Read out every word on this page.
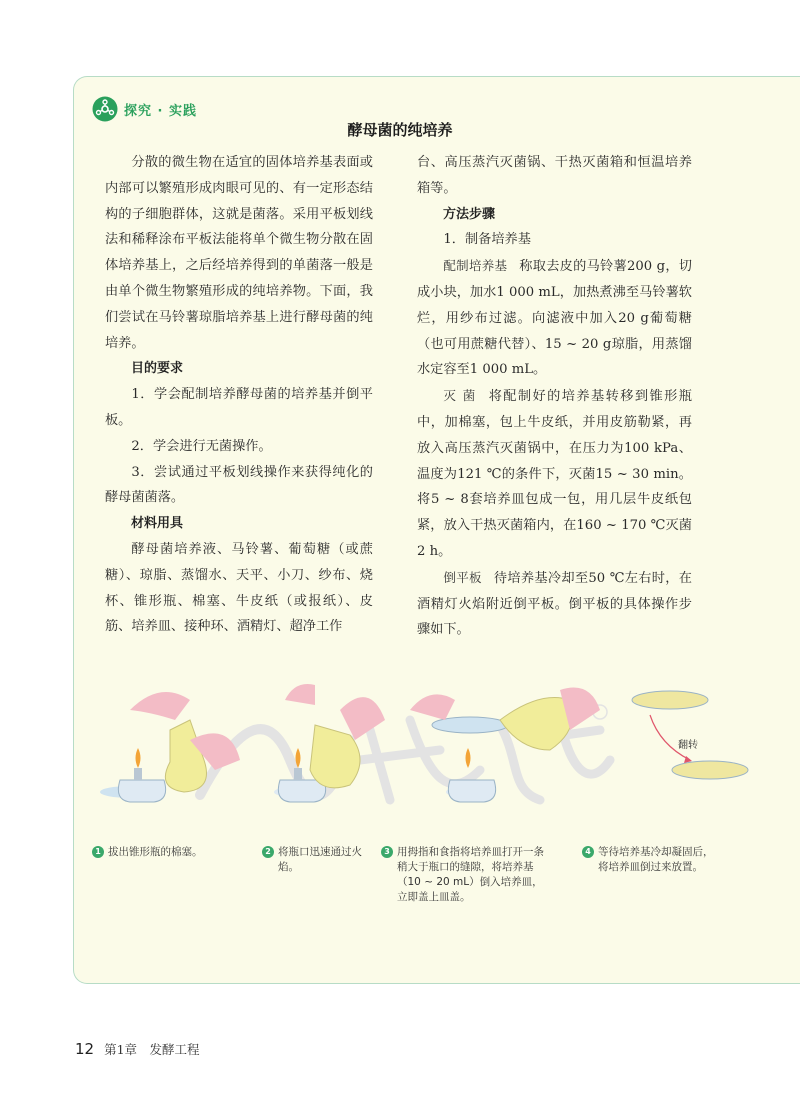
探究 · 实践
酵母菌的纯培养

分散的微生物在适宜的固体培养基表面或内部可以繁殖形成肉眼可见的、有一定形态结构的子细胞群体，这就是菌落。采用平板划线法和稀释涂布平板法能将单个微生物分散在固体培养基上，之后经培养得到的单菌落一般是由单个微生物繁殖形成的纯培养物。下面，我们尝试在马铃薯琼脂培养基上进行酵母菌的纯培养。

目的要求

1．学会配制培养酵母菌的培养基并倒平板。

2．学会进行无菌操作。

3．尝试通过平板划线操作来获得纯化的酵母菌菌落。

材料用具

酵母菌培养液、马铃薯、葡萄糖（或蔗糖）、琼脂、蒸馏水、天平、小刀、纱布、烧杯、锥形瓶、棉塞、牛皮纸（或报纸）、皮筋、培养皿、接种环、酒精灯、超净工作

台、高压蒸汽灭菌锅、干热灭菌箱和恒温培养箱等。

方法步骤

1．制备培养基

配制培养基 称取去皮的马铃薯200 g，切成小块，加水1 000 mL，加热煮沸至马铃薯软烂，用纱布过滤。向滤液中加入20 g葡萄糖（也可用蔗糖代替）、15 ~ 20 g琼脂，用蒸馏水定容至1 000 mL。

灭 菌 将配制好的培养基转移到锥形瓶中，加棉塞，包上牛皮纸，并用皮筋勒紧，再放入高压蒸汽灭菌锅中，在压力为100 kPa、温度为121 ℃的条件下，灭菌15 ~ 30 min。将5 ~ 8套培养皿包成一包，用几层牛皮纸包紧，放入干热灭菌箱内，在160 ~ 170 ℃灭菌2 h。

倒平板 待培养基冷却至50 ℃左右时，在酒精灯火焰附近倒平板。倒平板的具体操作步骤如下。

翻转
1 拔出锥形瓶的棉塞。	2 将瓶口迅速通过火焰。
3 用拇指和食指将培养皿打开一条稍大于瓶口的缝隙，将培养基（10 ~ 20 mL）倒入培养皿，立即盖上皿盖。
4 等待培养基冷却凝固后，将培养皿倒过来放置。
12 第1章　发酵工程
